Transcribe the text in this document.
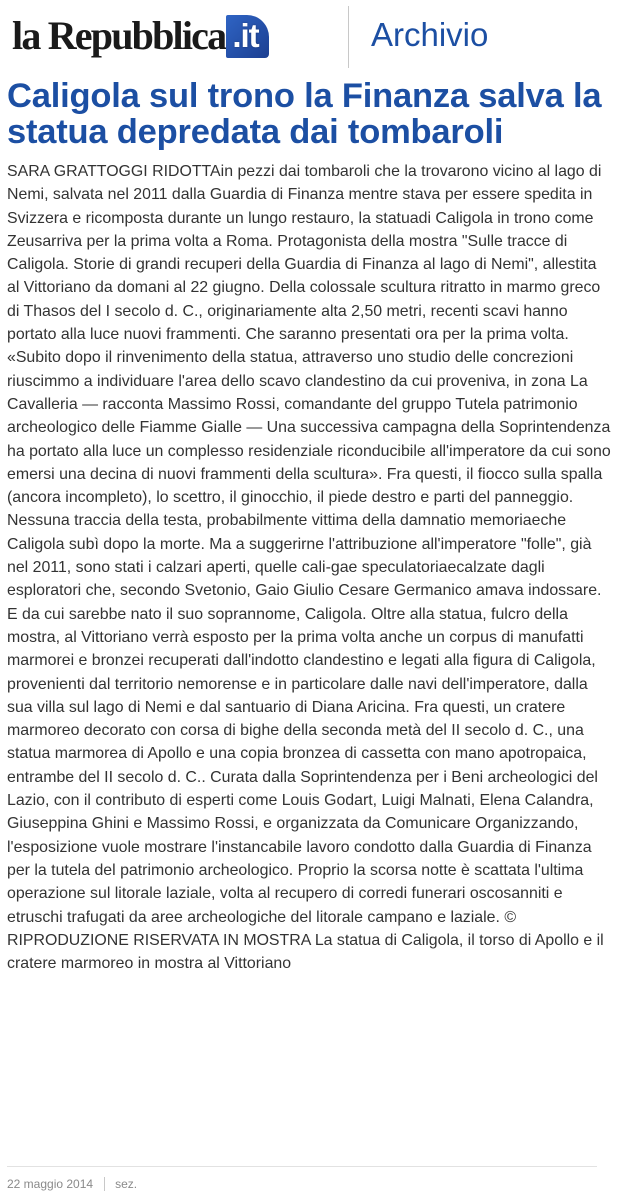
la Repubblica .it	Archivio
Caligola sul trono la Finanza salva la statua depredata dai tombaroli

SARA GRATTOGGI RIDOTTAin pezzi dai tombaroli che la trovarono vicino al lago di Nemi, salvata nel 2011 dalla Guardia di Finanza mentre stava per essere spedita in Svizzera e ricomposta durante un lungo restauro, la statuadi Caligola in trono come Zeusarriva per la prima volta a Roma. Protagonista della mostra "Sulle tracce di Caligola. Storie di grandi recuperi della Guardia di Finanza al lago di Nemi", allestita al Vittoriano da domani al 22 giugno. Della colossale scultura ritratto in marmo greco di Thasos del I secolo d. C., originariamente alta 2,50 metri, recenti scavi hanno portato alla luce nuovi frammenti. Che saranno presentati ora per la prima volta. «Subito dopo il rinvenimento della statua, attraverso uno studio delle concrezioni riuscimmo a individuare l'area dello scavo clandestino da cui proveniva, in zona La Cavalleria — racconta Massimo Rossi, comandante del gruppo Tutela patrimonio archeologico delle Fiamme Gialle — Una successiva campagna della Soprintendenza ha portato alla luce un complesso residenziale riconducibile all'imperatore da cui sono emersi una decina di nuovi frammenti della scultura». Fra questi, il fiocco sulla spalla (ancora incompleto), lo scettro, il ginocchio, il piede destro e parti del panneggio. Nessuna traccia della testa, probabilmente vittima della damnatio memoriaeche Caligola subì dopo la morte. Ma a suggerirne l'attribuzione all'imperatore "folle", già nel 2011, sono stati i calzari aperti, quelle cali-gae speculatoriaecalzate dagli esploratori che, secondo Svetonio, Gaio Giulio Cesare Germanico amava indossare. E da cui sarebbe nato il suo soprannome, Caligola. Oltre alla statua, fulcro della mostra, al Vittoriano verrà esposto per la prima volta anche un corpus di manufatti marmorei e bronzei recuperati dall'indotto clandestino e legati alla figura di Caligola, provenienti dal territorio nemorense e in particolare dalle navi dell'imperatore, dalla sua villa sul lago di Nemi e dal santuario di Diana Aricina. Fra questi, un cratere marmoreo decorato con corsa di bighe della seconda metà del II secolo d. C., una statua marmorea di Apollo e una copia bronzea di cassetta con mano apotropaica, entrambe del II secolo d. C.. Curata dalla Soprintendenza per i Beni archeologici del Lazio, con il contributo di esperti come Louis Godart, Luigi Malnati, Elena Calandra, Giuseppina Ghini e Massimo Rossi, e organizzata da Comunicare Organizzando, l'esposizione vuole mostrare l'instancabile lavoro condotto dalla Guardia di Finanza per la tutela del patrimonio archeologico. Proprio la scorsa notte è scattata l'ultima operazione sul litorale laziale, volta al recupero di corredi funerari oscosanniti e etruschi trafugati da aree archeologiche del litorale campano e laziale. © RIPRODUZIONE RISERVATA IN MOSTRA La statua di Caligola, il torso di Apollo e il cratere marmoreo in mostra al Vittoriano

22 maggio 2014 sez.
